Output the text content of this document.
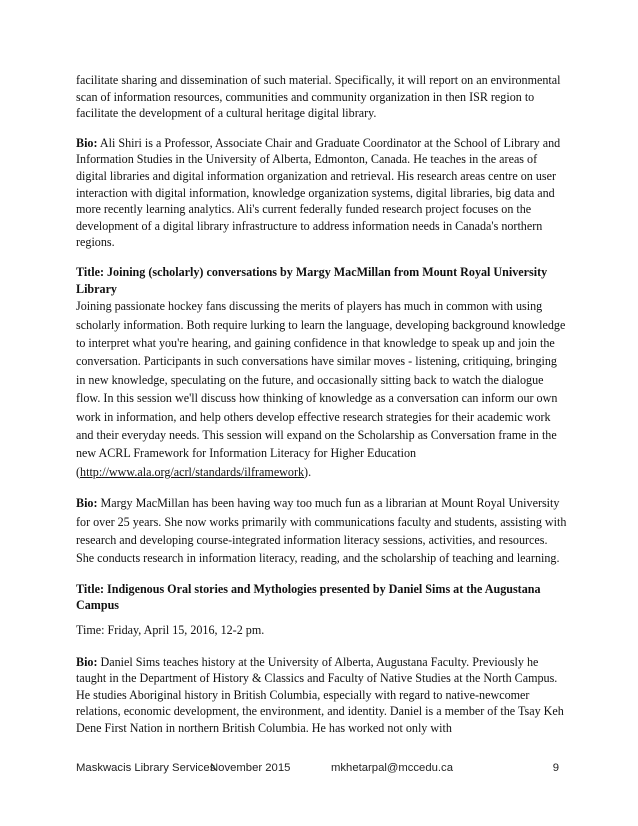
facilitate sharing and dissemination of such material. Specifically, it will report on an environmental scan of information resources, communities and community organization in then ISR region to facilitate the development of a cultural heritage digital library.

Bio: Ali Shiri is a Professor, Associate Chair and Graduate Coordinator at the School of Library and Information Studies in the University of Alberta, Edmonton, Canada. He teaches in the areas of digital libraries and digital information organization and retrieval. His research areas centre on user interaction with digital information, knowledge organization systems, digital libraries, big data and more recently learning analytics. Ali's current federally funded research project focuses on the development of a digital library infrastructure to address information needs in Canada's northern regions.

Title: Joining (scholarly) conversations by Margy MacMillan from Mount Royal University Library

Joining passionate hockey fans discussing the merits of players has much in common with using scholarly information. Both require lurking to learn the language, developing background knowledge to interpret what you're hearing, and gaining confidence in that knowledge to speak up and join the conversation. Participants in such conversations have similar moves - listening, critiquing, bringing in new knowledge, speculating on the future, and occasionally sitting back to watch the dialogue flow. In this session we'll discuss how thinking of knowledge as a conversation can inform our own work in information, and help others develop effective research strategies for their academic work and their everyday needs. This session will expand on the Scholarship as Conversation frame in the new ACRL Framework for Information Literacy for Higher Education (http://www.ala.org/acrl/standards/ilframework).

Bio: Margy MacMillan has been having way too much fun as a librarian at Mount Royal University for over 25 years. She now works primarily with communications faculty and students, assisting with research and developing course-integrated information literacy sessions, activities, and resources. She conducts research in information literacy, reading, and the scholarship of teaching and learning.

Title: Indigenous Oral stories and Mythologies presented by Daniel Sims at the Augustana Campus

Time: Friday, April 15, 2016, 12-2 pm.

Bio: Daniel Sims teaches history at the University of Alberta, Augustana Faculty. Previously he taught in the Department of History & Classics and Faculty of Native Studies at the North Campus. He studies Aboriginal history in British Columbia, especially with regard to native-newcomer relations, economic development, the environment, and identity. Daniel is a member of the Tsay Keh Dene First Nation in northern British Columbia. He has worked not only with

Maskwacis Library Services
November 2015	mkhetarpal@mccedu.ca	9
